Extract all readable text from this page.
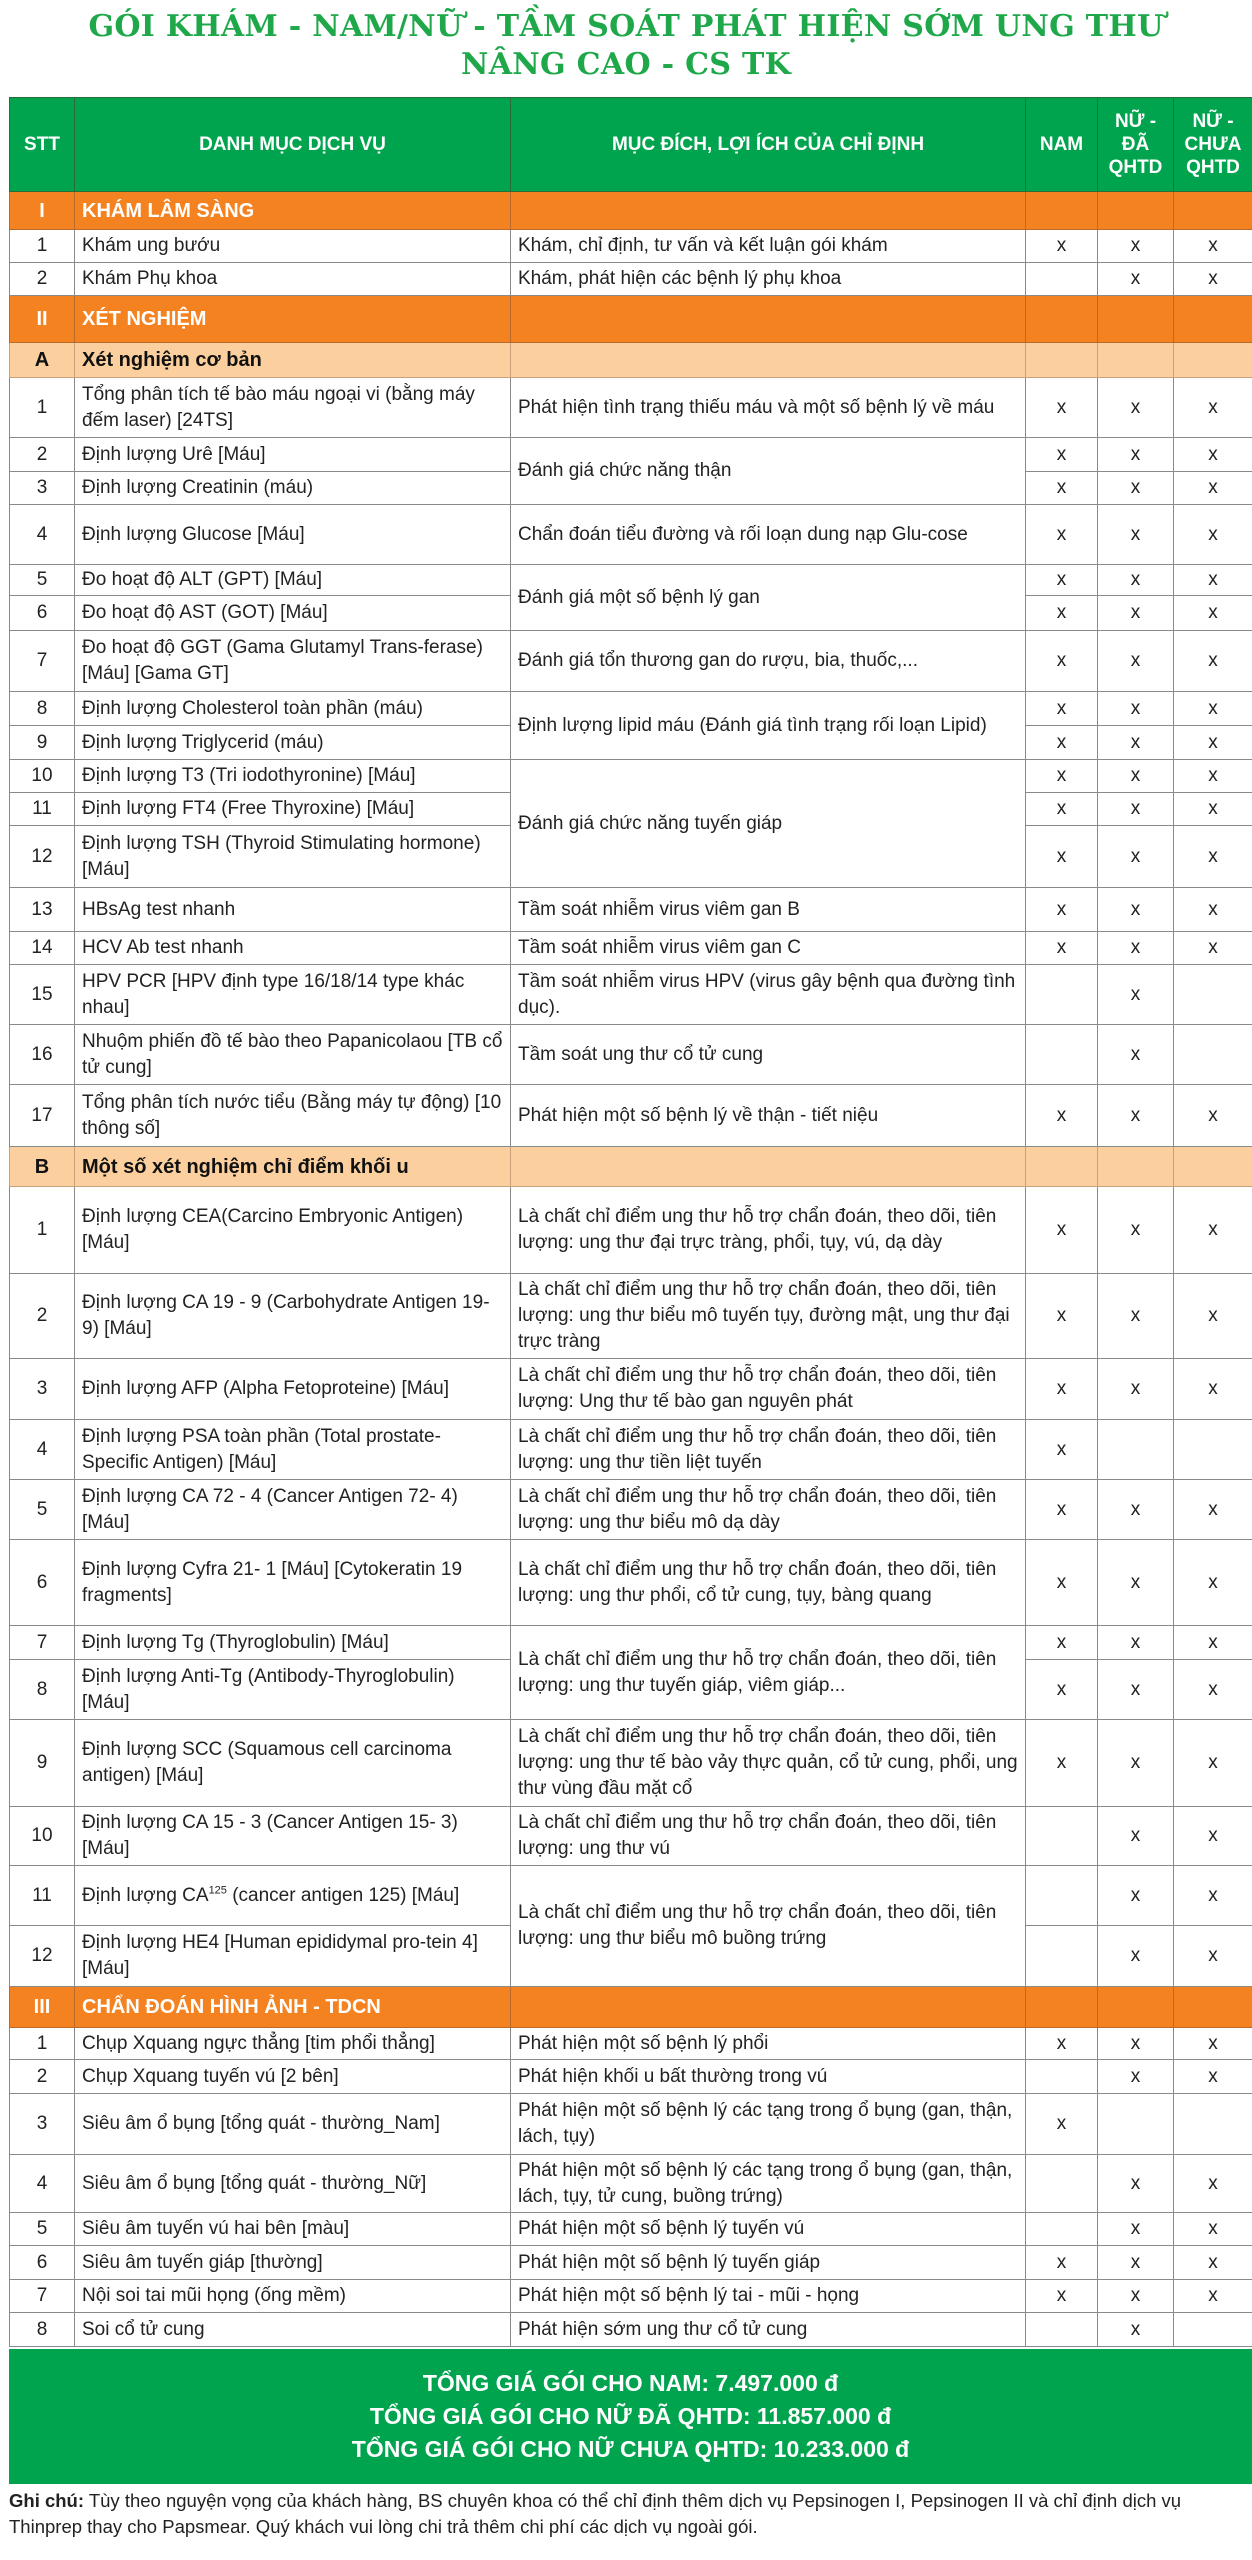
GÓI KHÁM - NAM/NỮ - TẦM SOÁT PHÁT HIỆN SỚM UNG THƯ
NÂNG CAO - CS TK
STT	DANH MỤC DỊCH VỤ	MỤC ĐÍCH, LỢI ÍCH CỦA CHỈ ĐỊNH	NAM	NỮ - ĐÃ QHTD	NỮ - CHƯA QHTD
I	KHÁM LÂM SÀNG				
1	Khám ung bướu	Khám, chỉ định, tư vấn và kết luận gói khám	x	x	x
2	Khám Phụ khoa	Khám, phát hiện các bệnh lý phụ khoa		x	x
II	XÉT NGHIỆM				
A	Xét nghiệm cơ bản				
1	Tổng phân tích tế bào máu ngoại vi (bằng máy đếm laser) [24TS]	Phát hiện tình trạng thiếu máu và một số bệnh lý về máu	x	x	x
2	Định lượng Urê [Máu]	Đánh giá chức năng thận	x	x	x
3	Định lượng Creatinin (máu)		x	x	x
4	Định lượng Glucose [Máu]	Chẩn đoán tiểu đường và rối loạn dung nạp Glu-cose	x	x	x
5	Đo hoạt độ ALT (GPT) [Máu]	Đánh giá một số bệnh lý gan	x	x	x
6	Đo hoạt độ AST (GOT) [Máu]		x	x	x
7	Đo hoạt độ GGT (Gama Glutamyl Trans-ferase) [Máu] [Gama GT]	Đánh giá tổn thương gan do rượu, bia, thuốc,...	x	x	x
8	Định lượng Cholesterol toàn phần (máu)	Định lượng lipid máu (Đánh giá tình trạng rối loạn Lipid)	x	x	x
9	Định lượng Triglycerid (máu)		x	x	x
10	Định lượng T3 (Tri iodothyronine) [Máu]	Đánh giá chức năng tuyến giáp	x	x	x
11	Định lượng FT4 (Free Thyroxine) [Máu]		x	x	x
12	Định lượng TSH (Thyroid Stimulating hormone) [Máu]		x	x	x
13	HBsAg test nhanh	Tầm soát nhiễm virus viêm gan B	x	x	x
14	HCV Ab test nhanh	Tầm soát nhiễm virus viêm gan C	x	x	x
15	HPV PCR [HPV định type 16/18/14 type khác nhau]	Tầm soát nhiễm virus HPV (virus gây bệnh qua đường tình dục).		x	
16	Nhuộm phiến đồ tế bào theo Papanicolaou [TB cổ tử cung]	Tầm soát ung thư cổ tử cung		x	
17	Tổng phân tích nước tiểu (Bằng máy tự động) [10 thông số]	Phát hiện một số bệnh lý về thận - tiết niệu	x	x	x
B	Một số xét nghiệm chỉ điểm khối u				
1	Định lượng CEA(Carcino Embryonic Antigen) [Máu]	Là chất chỉ điểm ung thư hỗ trợ chẩn đoán, theo dõi, tiên lượng: ung thư đại trực tràng, phổi, tụy, vú, dạ dày	x	x	x
2	Định lượng CA 19 - 9 (Carbohydrate Antigen 19-9) [Máu]	Là chất chỉ điểm ung thư hỗ trợ chẩn đoán, theo dõi, tiên lượng: ung thư biểu mô tuyến tụy, đường mật, ung thư đại trực tràng	x	x	x
3	Định lượng AFP (Alpha Fetoproteine) [Máu]	Là chất chỉ điểm ung thư hỗ trợ chẩn đoán, theo dõi, tiên lượng: Ung thư tế bào gan nguyên phát	x	x	x
4	Định lượng PSA toàn phần (Total prostate-Specific Antigen) [Máu]	Là chất chỉ điểm ung thư hỗ trợ chẩn đoán, theo dõi, tiên lượng: ung thư tiền liệt tuyến	x		
5	Định lượng CA 72 - 4 (Cancer Antigen 72- 4) [Máu]	Là chất chỉ điểm ung thư hỗ trợ chẩn đoán, theo dõi, tiên lượng: ung thư biểu mô dạ dày	x	x	x
6	Định lượng Cyfra 21- 1 [Máu] [Cytokeratin 19 fragments]	Là chất chỉ điểm ung thư hỗ trợ chẩn đoán, theo dõi, tiên lượng: ung thư phổi, cổ tử cung, tụy, bàng quang	x	x	x
7	Định lượng Tg (Thyroglobulin) [Máu]	Là chất chỉ điểm ung thư hỗ trợ chẩn đoán, theo dõi, tiên lượng: ung thư tuyến giáp, viêm giáp...	x	x	x
8	Định lượng Anti-Tg (Antibody-Thyroglobulin) [Máu]		x	x	x
9	Định lượng SCC (Squamous cell carcinoma antigen) [Máu]	Là chất chỉ điểm ung thư hỗ trợ chẩn đoán, theo dõi, tiên lượng: ung thư tế bào vảy thực quản, cổ tử cung, phổi, ung thư vùng đầu mặt cổ	x	x	x
10	Định lượng CA 15 - 3 (Cancer Antigen 15- 3) [Máu]	Là chất chỉ điểm ung thư hỗ trợ chẩn đoán, theo dõi, tiên lượng: ung thư vú		x	x
11	Định lượng CA$^{125}$ (cancer antigen 125) [Máu]	Là chất chỉ điểm ung thư hỗ trợ chẩn đoán, theo dõi, tiên lượng: ung thư biểu mô buồng trứng		x	x
12	Định lượng HE4 [Human epididymal pro-tein 4] [Máu]			x	x
III	CHẨN ĐOÁN HÌNH ẢNH - TDCN				
1	Chụp Xquang ngực thẳng [tim phổi thẳng]	Phát hiện một số bệnh lý phổi	x	x	x
2	Chụp Xquang tuyến vú [2 bên]	Phát hiện khối u bất thường trong vú		x	x
3	Siêu âm ổ bụng [tổng quát - thường_Nam]	Phát hiện một số bệnh lý các tạng trong ổ bụng (gan, thận, lách, tụy)	x		
4	Siêu âm ổ bụng [tổng quát - thường_Nữ]	Phát hiện một số bệnh lý các tạng trong ổ bụng (gan, thận, lách, tụy, tử cung, buồng trứng)		x	x
5	Siêu âm tuyến vú hai bên [màu]	Phát hiện một số bệnh lý tuyến vú		x	x
6	Siêu âm tuyến giáp [thường]	Phát hiện một số bệnh lý tuyến giáp	x	x	x
7	Nội soi tai mũi họng (ống mềm)	Phát hiện một số bệnh lý tai - mũi - họng	x	x	x
8	Soi cổ tử cung	Phát hiện sớm ung thư cổ tử cung		x	
TỔNG GIÁ GÓI CHO NAM: 7.497.000 đ
TỔNG GIÁ GÓI CHO NỮ ĐÃ QHTD: 11.857.000 đ
TỔNG GIÁ GÓI CHO NỮ CHƯA QHTD: 10.233.000 đ
Ghi chú: Tùy theo nguyện vọng của khách hàng, BS chuyên khoa có thể chỉ định thêm dịch vụ Pepsinogen I, Pepsinogen II và chỉ định dịch vụ Thinprep thay cho Papsmear. Quý khách vui lòng chi trả thêm chi phí các dịch vụ ngoài gói.
